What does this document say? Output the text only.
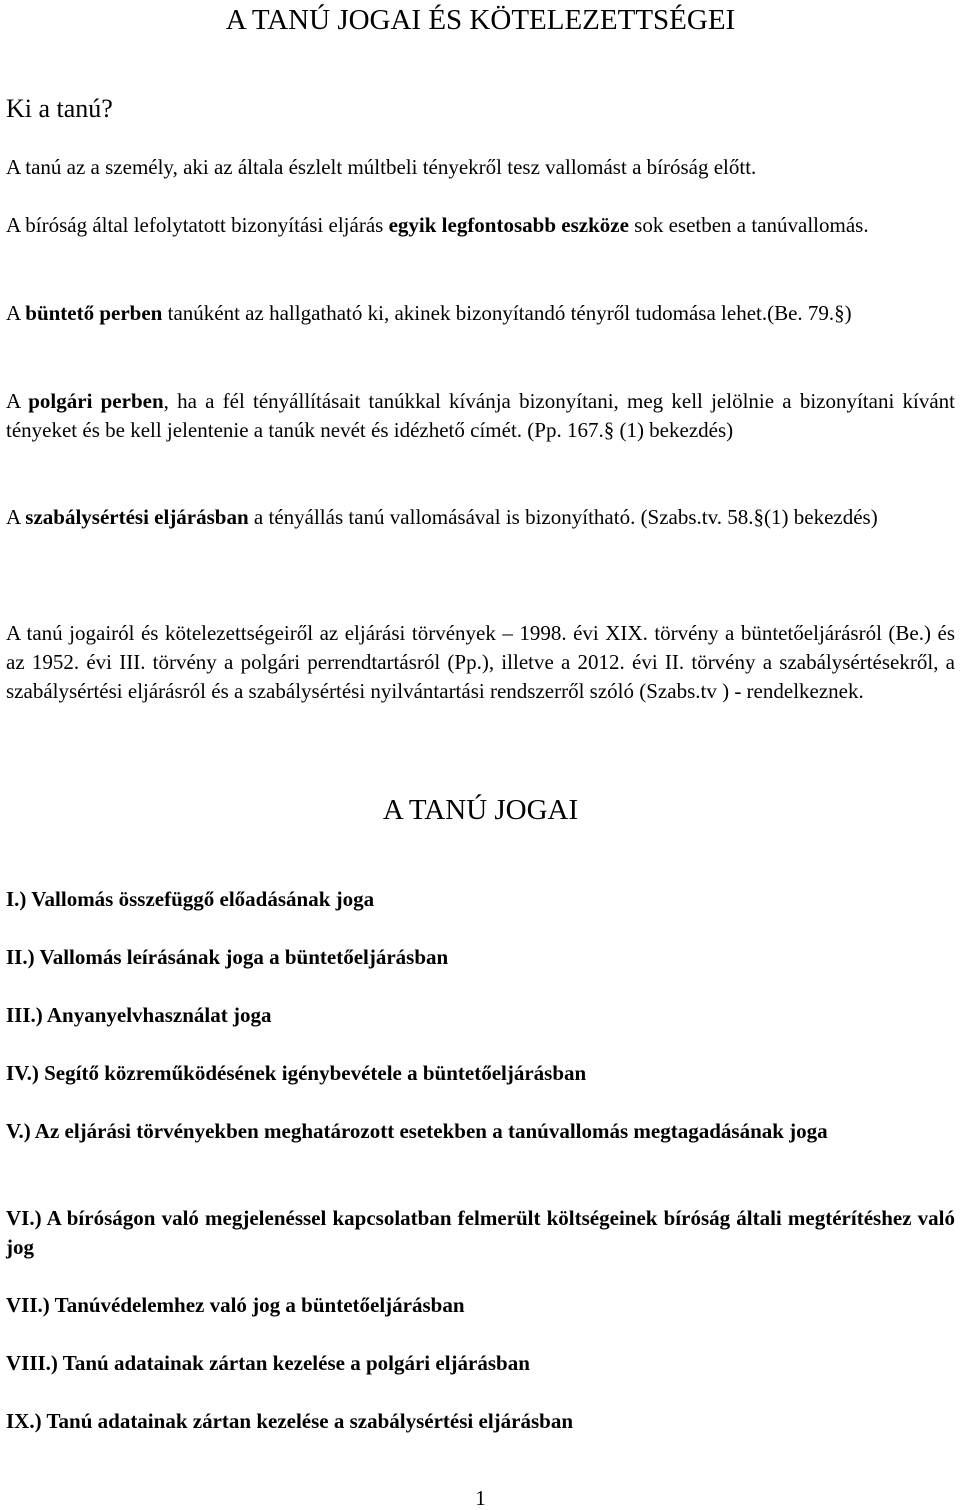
A TANÚ JOGAI ÉS KÖTELEZETTSÉGEI
Ki a tanú?

A tanú az a személy, aki az általa észlelt múltbeli tényekről tesz vallomást a bíróság előtt.

A bíróság által lefolytatott bizonyítási eljárás egyik legfontosabb eszköze sok esetben a tanúvallomás.

A büntető perben tanúként az hallgatható ki, akinek bizonyítandó tényről tudomása lehet.(Be. 79.§)

A polgári perben, ha a fél tényállításait tanúkkal kívánja bizonyítani, meg kell jelölnie a bizonyítani kívánt tényeket és be kell jelentenie a tanúk nevét és idézhető címét. (Pp. 167.§ (1) bekezdés)

A szabálysértési eljárásban a tényállás tanú vallomásával is bizonyítható. (Szabs.tv. 58.§(1) bekezdés)

A tanú jogairól és kötelezettségeiről az eljárási törvények – 1998. évi XIX. törvény a büntetőeljárásról (Be.) és az 1952. évi III. törvény a polgári perrendtartásról (Pp.), illetve a 2012. évi II. törvény a szabálysértésekről, a szabálysértési eljárásról és a szabálysértési nyilvántartási rendszerről szóló (Szabs.tv ) - rendelkeznek.

A TANÚ JOGAI

I.) Vallomás összefüggő előadásának joga

II.) Vallomás leírásának joga a büntetőeljárásban

III.) Anyanyelvhasználat joga

IV.) Segítő közreműködésének igénybevétele a büntetőeljárásban

V.) Az eljárási törvényekben meghatározott esetekben a tanúvallomás megtagadásának joga

VI.) A bíróságon való megjelenéssel kapcsolatban felmerült költségeinek bíróság általi megtérítéshez való jog

VII.) Tanúvédelemhez való jog a büntetőeljárásban

VIII.) Tanú adatainak zártan kezelése a polgári eljárásban

IX.) Tanú adatainak zártan kezelése a szabálysértési eljárásban

1
